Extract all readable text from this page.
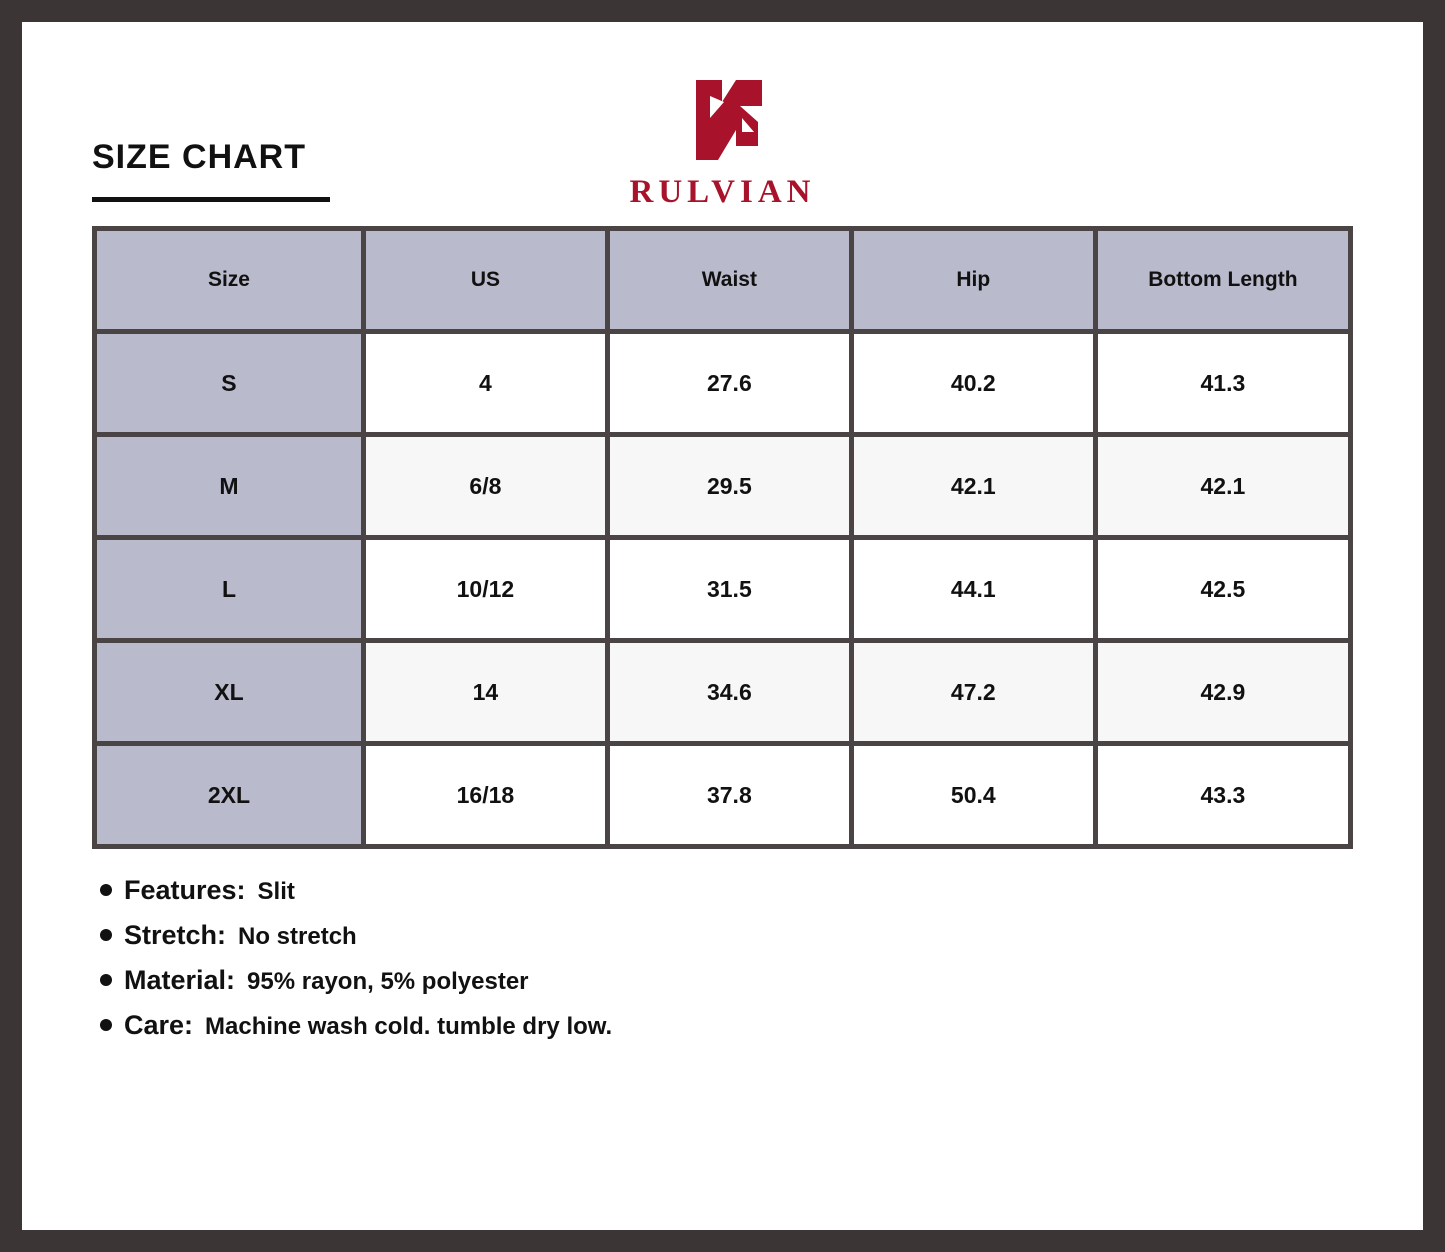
SIZE CHART
RULVIAN
Size	US	Waist	Hip	Bottom Length
S	4	27.6	40.2	41.3
M	6/8	29.5	42.1	42.1
L	10/12	31.5	44.1	42.5
XL	14	34.6	47.2	42.9
2XL	16/18	37.8	50.4	43.3
Features: Slit
Stretch: No stretch
Material: 95% rayon, 5% polyester
Care: Machine wash cold. tumble dry low.
